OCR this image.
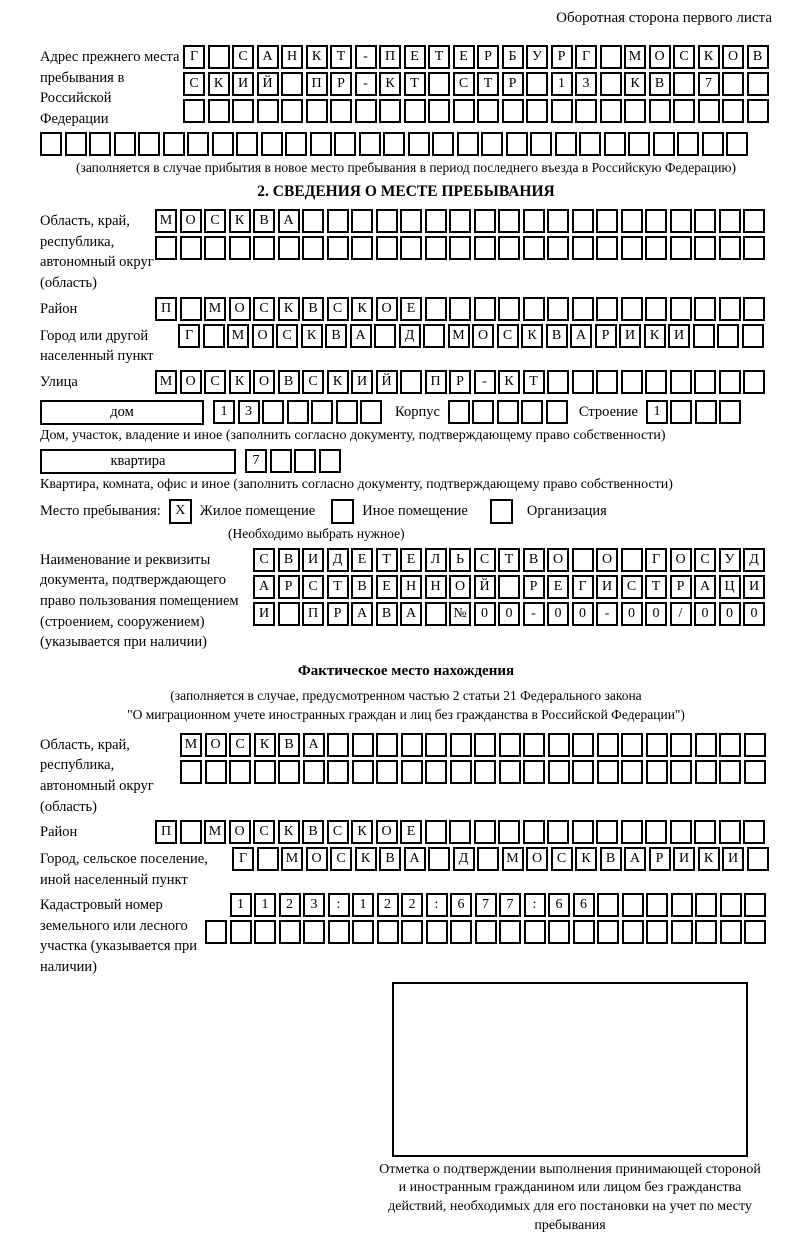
Оборотная сторона первого листа
Адрес прежнего места пребывания в Российской Федерации
Г	С	А	Н	К	Т	-	П	Е	Т	Е	Р	Б	У	Р	Г	М О	С	К	О	В
С	К	И	Й	П	Р	-	К	Т	С	Т	Р	1	3	К	В	7
(заполняется в случае прибытия в новое место пребывания в период последнего въезда в Российскую Федерацию)
2. СВЕДЕНИЯ О МЕСТЕ ПРЕБЫВАНИЯ
Область, край, республика, автономный округ (область)
М О	С	К	В	А
Район	П	М О	С	К	В	С	К	О	Е
Город или другой населенный пункт
Г	М О	С	К	В	А	Д	М О	С	К	В	А	Р	И	К	И
Улица	М О	С	К	О	В	С	К	И	Й	П	Р	-	К	Т
дом	1	3	Корпус	Строение	1
Дом, участок, владение и иное (заполнить согласно документу, подтверждающему право собственности)
квартира	7
Квартира, комната, офис и иное (заполнить согласно документу, подтверждающему право собственности)
Место пребывания:	X Жилое помещение	Иное помещение	Организация
(Необходимо выбрать нужное)
Наименование и реквизиты документа, подтверждающего право пользования помещением (строением, сооружением) (указывается при наличии)
С	В	И	Д	Е	Т	Е	Л	Ь	С	Т	В	О	О	Г	О	С	У	Д
А	Р	С	Т	В	Е	Н	Н	О	Й	Р	Е	Г	И	С	Т	Р	А	Ц	И
И	П	Р	А	В	А	№	0	0	-	0	0	-	0	0	/	0	0	0
Фактическое место нахождения
(заполняется в случае, предусмотренном частью 2 статьи 21 Федерального закона
"О миграционном учете иностранных граждан и лиц без гражданства в Российской Федерации")
Область, край, республика, автономный округ (область)
М О	С	К	В	А
Район	П	М О	С	К	В	С	К	О	Е
Город, сельское поселение, иной населенный пункт
Г	М О	С	К	В	А	Д	М О	С	К	В	А	Р	И	К	И
Кадастровый номер земельного или лесного участка (указывается при наличии)
1	1	2	3	:	1	2	2	:	6	7	7	:	6	6
Отметка о подтверждении выполнения принимающей стороной и иностранным гражданином или лицом без гражданства действий, необходимых для его постановки на учет по месту пребывания
